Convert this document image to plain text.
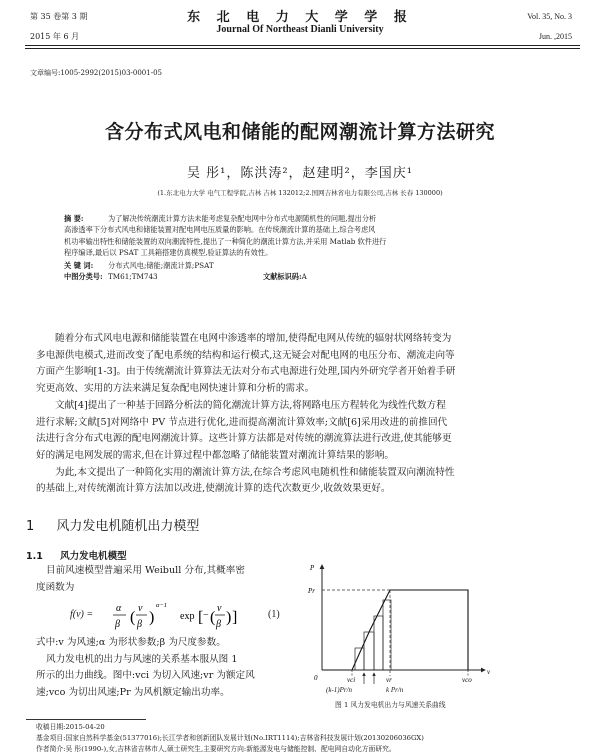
第 35 卷第 3 期
2015 年 6 月
东 北 电 力 大 学 学 报
Journal Of Northeast Dianli University
Vol. 35, No. 3
Jun. ,2015
文章编号:1005-2992(2015)03-0001-05
含分布式风电和储能的配网潮流计算方法研究
吴 彤¹，陈洪涛²，赵建明²，李国庆¹
(1.东北电力大学 电气工程学院,吉林 吉林 132012;2.国网吉林省电力有限公司,吉林 长春 130000)
摘 要:	为了解决传统潮流计算方法未能考虑复杂配电网中分布式电源随机性的问题,提出分析
高渗透率下分布式风电和储能装置对配电网电压质量的影响。在传统潮流计算的基础上,综合考虑风
机功率输出特性和储能装置的双向潮流特性,提出了一种简化的潮流计算方法,并采用 Matlab 软件进行
程序编译,最后以 PSAT 工具箱搭建仿真模型,验证算法的有效性。
关 键 词:	分布式风电;储能;潮流计算;PSAT
中图分类号: TM61;TM743	文献标识码: A
随着分布式风电电源和储能装置在电网中渗透率的增加,使得配电网从传统的辐射状网络转变为
多电源供电模式,进而改变了配电系统的结构和运行模式,这无疑会对配电网的电压分布、潮流走向等
方面产生影响[1-3]。由于传统潮流计算算法无法对分布式电源进行处理,国内外研究学者开始着手研
究更高效、实用的方法来满足复杂配电网快速计算和分析的需求。
文献[4]提出了一种基于回路分析法的简化潮流计算方法,将网路电压方程转化为线性代数方程
进行求解;文献[5]对网络中 PV 节点进行优化,进而提高潮流计算效率;文献[6]采用改进的前推回代
法进行含分布式电源的配电网潮流计算。这些计算方法都是对传统的潮流算法进行改进,使其能够更
好的满足电网发展的需求,但在计算过程中都忽略了储能装置对潮流计算结果的影响。
为此,本文提出了一种简化实用的潮流计算方法,在综合考虑风电随机性和储能装置双向潮流特性
的基础上,对传统潮流计算方法加以改进,使潮流计算的迭代次数更少,收敛效果更好。
1 风力发电机随机出力模型
1.1 风力发电机模型
目前风速模型普遍采用 Weibull 分布,其概率密
度函数为
f(v) =
α
β (
v
β )
α−1
exp [ − (
v
β ) ]	(1)
式中:v 为风速;α 为形状参数;β 为尺度参数。
风力发电机的出力与风速的关系基本服从图 1
所示的出力曲线。图中:vci 为切入风速;vr 为额定风
速;vco 为切出风速;Pr 为风机额定输出功率。
P
v
Pr
0	vci	vr	vco
(k-1)Pr/n	k Pr/n
图 1 风力发电机出力与风速关系曲线
收稿日期:2015-04-20
基金项目:国家自然科学基金(51377016);长江学者和创新团队发展计划(No.IRT1114);吉林省科技发展计划(20130206036GX)
作者简介:吴 彤(1990-),女,吉林省吉林市人,硕士研究生,主要研究方向:新能源发电与储能控制、配电网自动化方面研究。
